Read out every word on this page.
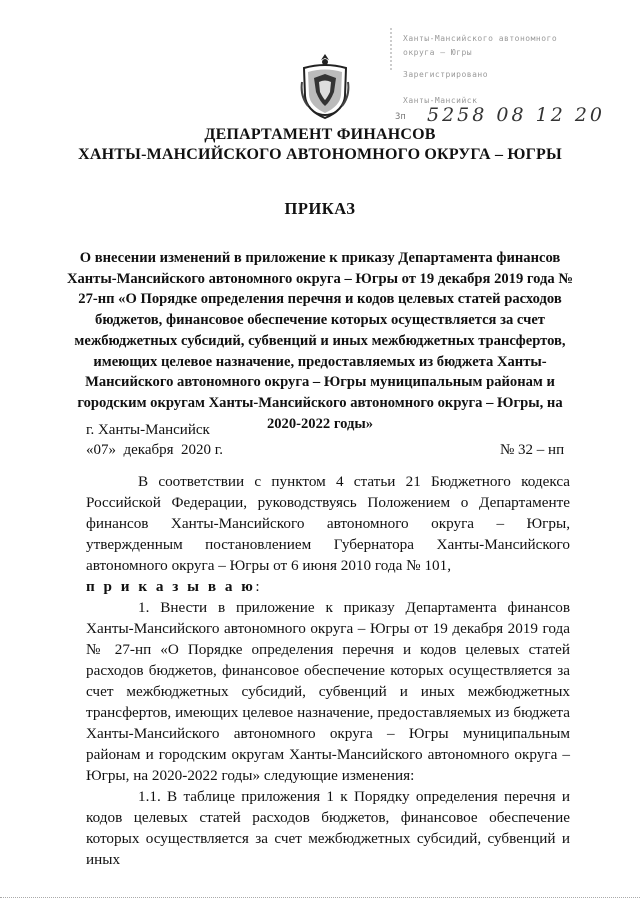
Ханты-Мансийского автономного
округа – Югры
Зарегистрировано
Ханты-Мансийск
Зп 5258 08 12 20
ДЕПАРТАМЕНТ ФИНАНСОВ
ХАНТЫ-МАНСИЙСКОГО АВТОНОМНОГО ОКРУГА – ЮГРЫ
ПРИКАЗ
О внесении изменений в приложение к приказу Департамента финансов Ханты-Мансийского автономного округа – Югры от 19 декабря 2019 года № 27-нп «О Порядке определения перечня и кодов целевых статей расходов бюджетов, финансовое обеспечение которых осуществляется за счет межбюджетных субсидий, субвенций и иных межбюджетных трансфертов, имеющих целевое назначение, предоставляемых из бюджета Ханты-Мансийского автономного округа – Югры муниципальным районам и городским округам Ханты-Мансийского автономного округа – Югры, на 2020-2022 годы»
г. Ханты-Мансийск
«07»  декабря  2020 г.	№ 32 – нп

В соответствии с пунктом 4 статьи 21 Бюджетного кодекса Российской Федерации, руководствуясь Положением о Департаменте финансов Ханты-Мансийского автономного округа – Югры, утвержденным постановлением Губернатора Ханты-Мансийского автономного округа – Югры от 6 июня 2010 года № 101,

п р и к а з ы в а ю:

1. Внести в приложение к приказу Департамента финансов Ханты-Мансийского автономного округа – Югры от 19 декабря 2019 года № 27-нп «О Порядке определения перечня и кодов целевых статей расходов бюджетов, финансовое обеспечение которых осуществляется за счет межбюджетных субсидий, субвенций и иных межбюджетных трансфертов, имеющих целевое назначение, предоставляемых из бюджета Ханты-Мансийского автономного округа – Югры муниципальным районам и городским округам Ханты-Мансийского автономного округа – Югры, на 2020-2022 годы» следующие изменения:

1.1. В таблице приложения 1 к Порядку определения перечня и кодов целевых статей расходов бюджетов, финансовое обеспечение которых осуществляется за счет межбюджетных субсидий, субвенций и иных
